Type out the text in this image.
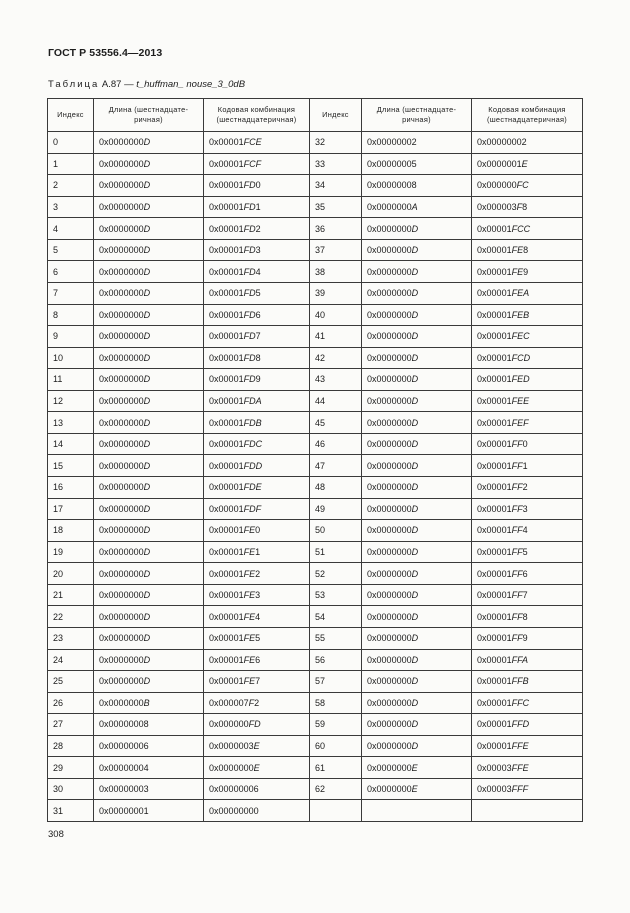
ГОСТ Р 53556.4—2013
Таблица А.87 — t_huffman_ nouse_3_0dB
Индекс	Длина (шестнадцате-ричная)	Кодовая комбинация (шестнадцатеричная)	Индекс	Длина (шестнадцате-ричная)	Кодовая комбинация (шестнадцатеричная)
0	0x0000000D	0x00001FCE	32	0x00000002	0x00000002
1	0x0000000D	0x00001FCF	33	0x00000005	0x0000001E
2	0x0000000D	0x00001FD0	34	0x00000008	0x000000FC
3	0x0000000D	0x00001FD1	35	0x0000000A	0x000003F8
4	0x0000000D	0x00001FD2	36	0x0000000D	0x00001FCC
5	0x0000000D	0x00001FD3	37	0x0000000D	0x00001FE8
6	0x0000000D	0x00001FD4	38	0x0000000D	0x00001FE9
7	0x0000000D	0x00001FD5	39	0x0000000D	0x00001FEA
8	0x0000000D	0x00001FD6	40	0x0000000D	0x00001FEB
9	0x0000000D	0x00001FD7	41	0x0000000D	0x00001FEC
10	0x0000000D	0x00001FD8	42	0x0000000D	0x00001FCD
11	0x0000000D	0x00001FD9	43	0x0000000D	0x00001FED
12	0x0000000D	0x00001FDA	44	0x0000000D	0x00001FEE
13	0x0000000D	0x00001FDB	45	0x0000000D	0x00001FEF
14	0x0000000D	0x00001FDC	46	0x0000000D	0x00001FF0
15	0x0000000D	0x00001FDD	47	0x0000000D	0x00001FF1
16	0x0000000D	0x00001FDE	48	0x0000000D	0x00001FF2
17	0x0000000D	0x00001FDF	49	0x0000000D	0x00001FF3
18	0x0000000D	0x00001FE0	50	0x0000000D	0x00001FF4
19	0x0000000D	0x00001FE1	51	0x0000000D	0x00001FF5
20	0x0000000D	0x00001FE2	52	0x0000000D	0x00001FF6
21	0x0000000D	0x00001FE3	53	0x0000000D	0x00001FF7
22	0x0000000D	0x00001FE4	54	0x0000000D	0x00001FF8
23	0x0000000D	0x00001FE5	55	0x0000000D	0x00001FF9
24	0x0000000D	0x00001FE6	56	0x0000000D	0x00001FFA
25	0x0000000D	0x00001FE7	57	0x0000000D	0x00001FFB
26	0x0000000B	0x000007F2	58	0x0000000D	0x00001FFC
27	0x00000008	0x000000FD	59	0x0000000D	0x00001FFD
28	0x00000006	0x0000003E	60	0x0000000D	0x00001FFE
29	0x00000004	0x0000000E	61	0x0000000E	0x00003FFE
30	0x00000003	0x00000006	62	0x0000000E	0x00003FFF
31	0x00000001	0x00000000			
308
